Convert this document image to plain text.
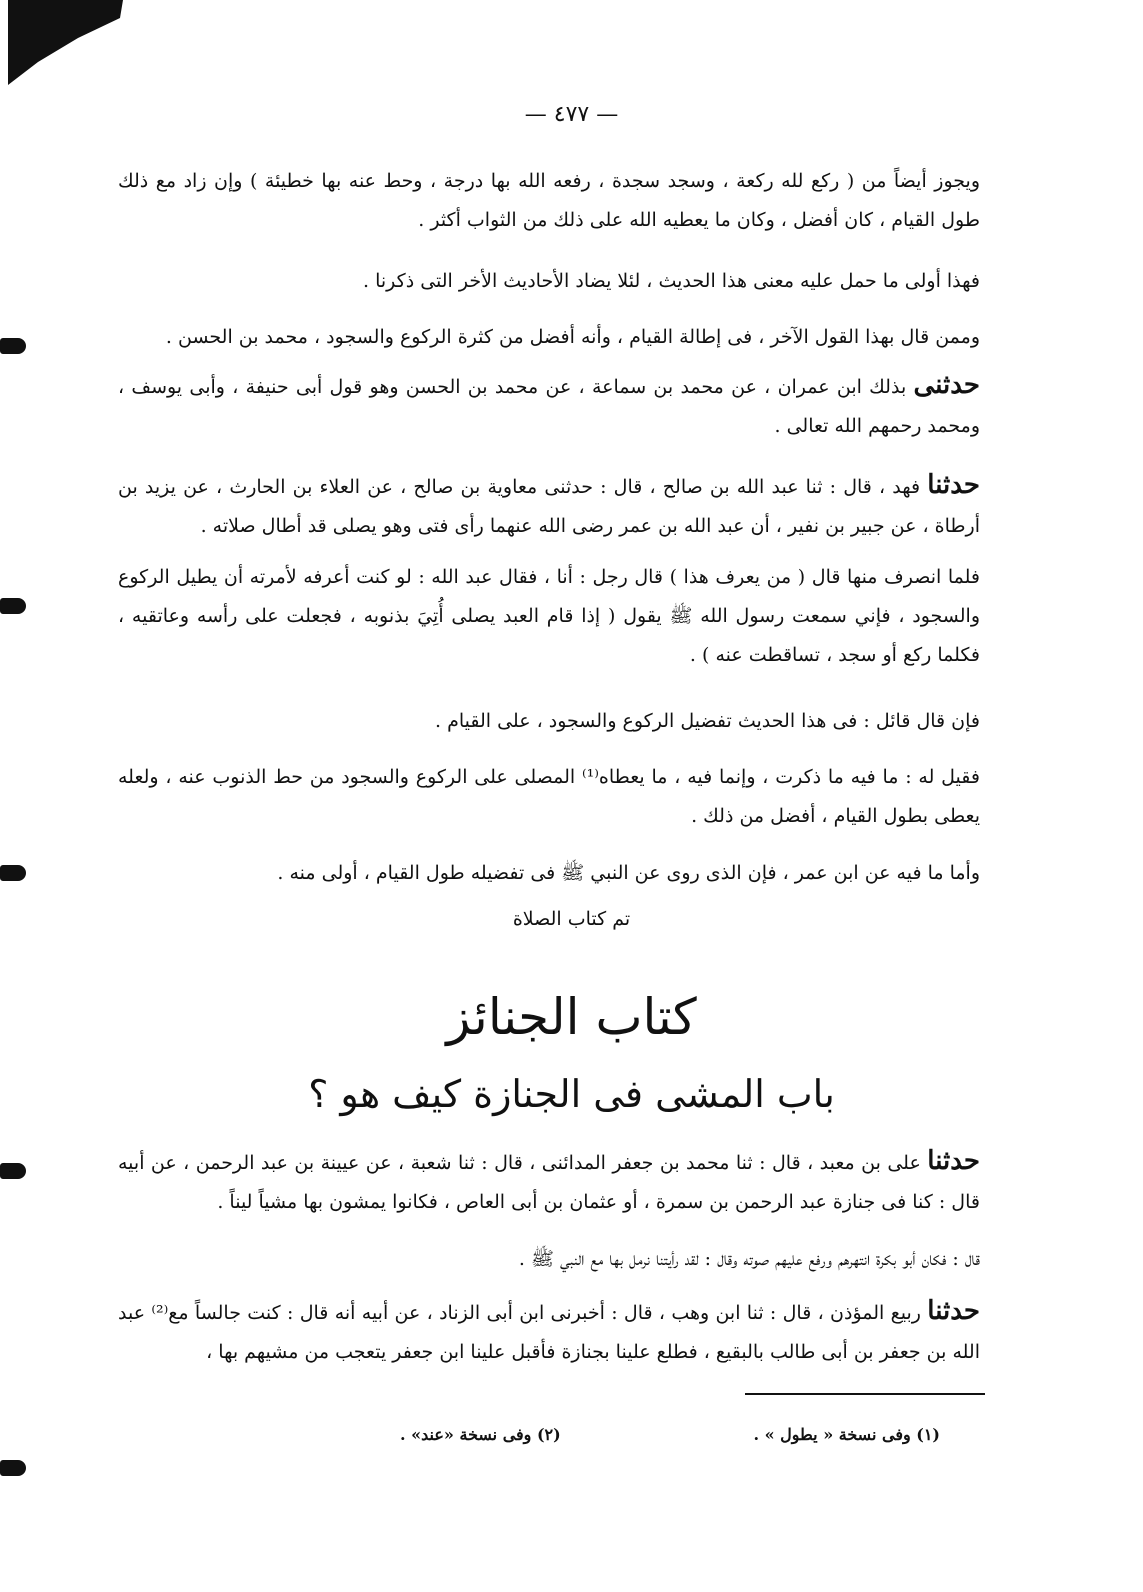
— ٤٧٧ —
ويجوز أيضاً من ( ركع لله ركعة ، وسجد سجدة ، رفعه الله بها درجة ، وحط عنه بها خطيئة ) وإن زاد مع ذلك طول القيام ، كان أفضل ، وكان ما يعطيه الله على ذلك من الثواب أكثر .
فهذا أولى ما حمل عليه معنى هذا الحديث ، لئلا يضاد الأحاديث الأخر التى ذكرنا .
وممن قال بهذا القول الآخر ، فى إطالة القيام ، وأنه أفضل من كثرة الركوع والسجود ، محمد بن الحسن .
حدثنى بذلك ابن عمران ، عن محمد بن سماعة ، عن محمد بن الحسن وهو قول أبى حنيفة ، وأبى يوسف ، ومحمد رحمهم الله تعالى .
حدثنا فهد ، قال : ثنا عبد الله بن صالح ، قال : حدثنى معاوية بن صالح ، عن العلاء بن الحارث ، عن يزيد بن أرطاة ، عن جبير بن نفير ، أن عبد الله بن عمر رضى الله عنهما رأى فتى وهو يصلى قد أطال صلاته .
فلما انصرف منها قال ( من يعرف هذا ) قال رجل : أنا ، فقال عبد الله : لو كنت أعرفه لأمرته أن يطيل الركوع والسجود ، فإني سمعت رسول الله ﷺ يقول ( إذا قام العبد يصلى أُتِيَ بذنوبه ، فجعلت على رأسه وعاتقيه ، فكلما ركع أو سجد ، تساقطت عنه ) .
فإن قال قائل : فى هذا الحديث تفضيل الركوع والسجود ، على القيام .
فقيل له : ما فيه ما ذكرت ، وإنما فيه ، ما يعطاه⁽¹⁾ المصلى على الركوع والسجود من حط الذنوب عنه ، ولعله يعطى بطول القيام ، أفضل من ذلك .
وأما ما فيه عن ابن عمر ، فإن الذى روى عن النبي ﷺ فى تفضيله طول القيام ، أولى منه .
تم كتاب الصلاة
كتاب الجنائز
باب المشى فى الجنازة كيف هو ؟
حدثنا على بن معبد ، قال : ثنا محمد بن جعفر المدائنى ، قال : ثنا شعبة ، عن عيينة بن عبد الرحمن ، عن أبيه قال : كنا فى جنازة عبد الرحمن بن سمرة ، أو عثمان بن أبى العاص ، فكانوا يمشون بها مشياً ليناً .
قال : فكان أبو بكرة انتهرهم ورفع عليهم صوته وقال : لقد رأيتنا نرمل بها مع النبي ﷺ .
حدثنا ربيع المؤذن ، قال : ثنا ابن وهب ، قال : أخبرنى ابن أبى الزناد ، عن أبيه أنه قال : كنت جالساً مع⁽²⁾ عبد الله بن جعفر بن أبى طالب بالبقيع ، فطلع علينا بجنازة فأقبل علينا ابن جعفر يتعجب من مشيهم بها ،
(١) وفى نسخة « يطول » .
(٢) وفى نسخة «عند» .
